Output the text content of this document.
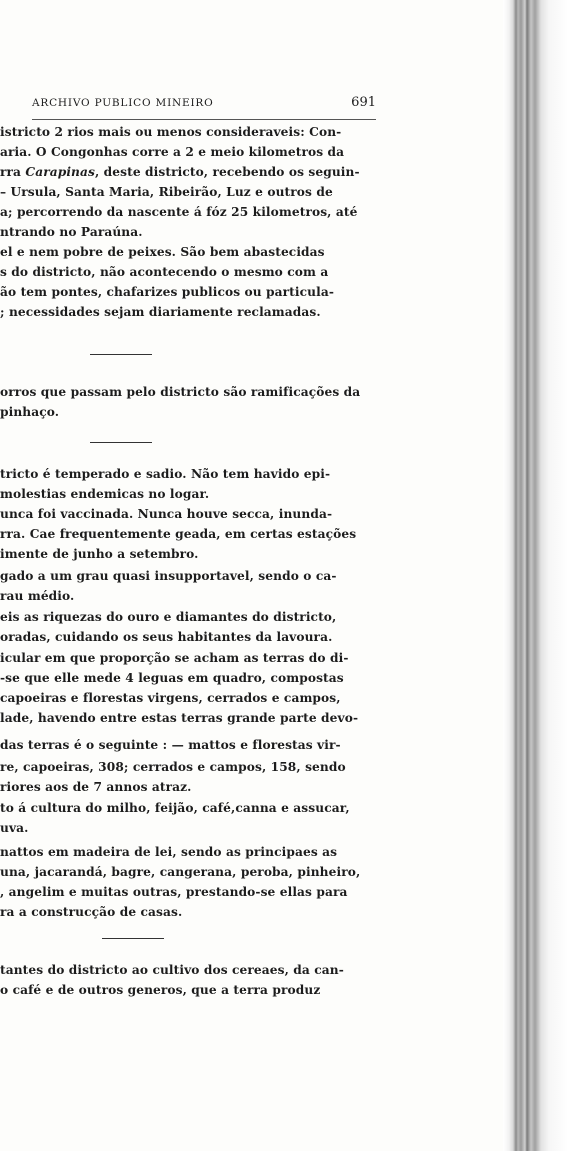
ARCHIVO PUBLICO MINEIRO	691
istricto 2 rios mais ou menos consideraveis: Con-
aria. O Congonhas corre a 2 e meio kilometros da
rra Carapinas, deste districto, recebendo os seguin-
– Ursula, Santa Maria, Ribeirão, Luz e outros de
a; percorrendo da nascente á fóz 25 kilometros, até
ntrando no Paraúna.
el e nem pobre de peixes. São bem abastecidas
s do districto, não acontecendo o mesmo com a
ão tem pontes, chafarizes publicos ou particula-
; necessidades sejam diariamente reclamadas.
orros que passam pelo districto são ramificações da
pinhaço.
tricto é temperado e sadio. Não tem havido epi-
molestias endemicas no logar.
unca foi vaccinada. Nunca houve secca, inunda-
rra. Cae frequentemente geada, em certas estações
imente de junho a setembro.
gado a um grau quasi insupportavel, sendo o ca-
rau médio.
eis as riquezas do ouro e diamantes do districto,
oradas, cuidando os seus habitantes da lavoura.
icular em que proporção se acham as terras do di-
-se que elle mede 4 leguas em quadro, compostas
capoeiras e florestas virgens, cerrados e campos,
lade, havendo entre estas terras grande parte devo-
das terras é o seguinte : — mattos e florestas vir-
re, capoeiras, 308; cerrados e campos, 158, sendo
riores aos de 7 annos atraz.
to á cultura do milho, feijão, café,canna e assucar,
uva.
nattos em madeira de lei, sendo as principaes as
una, jacarandá, bagre, cangerana, peroba, pinheiro,
, angelim e muitas outras, prestando-se ellas para
ra a construcção de casas.
tantes do districto ao cultivo dos cereaes, da can-
o café e de outros generos, que a terra produz
